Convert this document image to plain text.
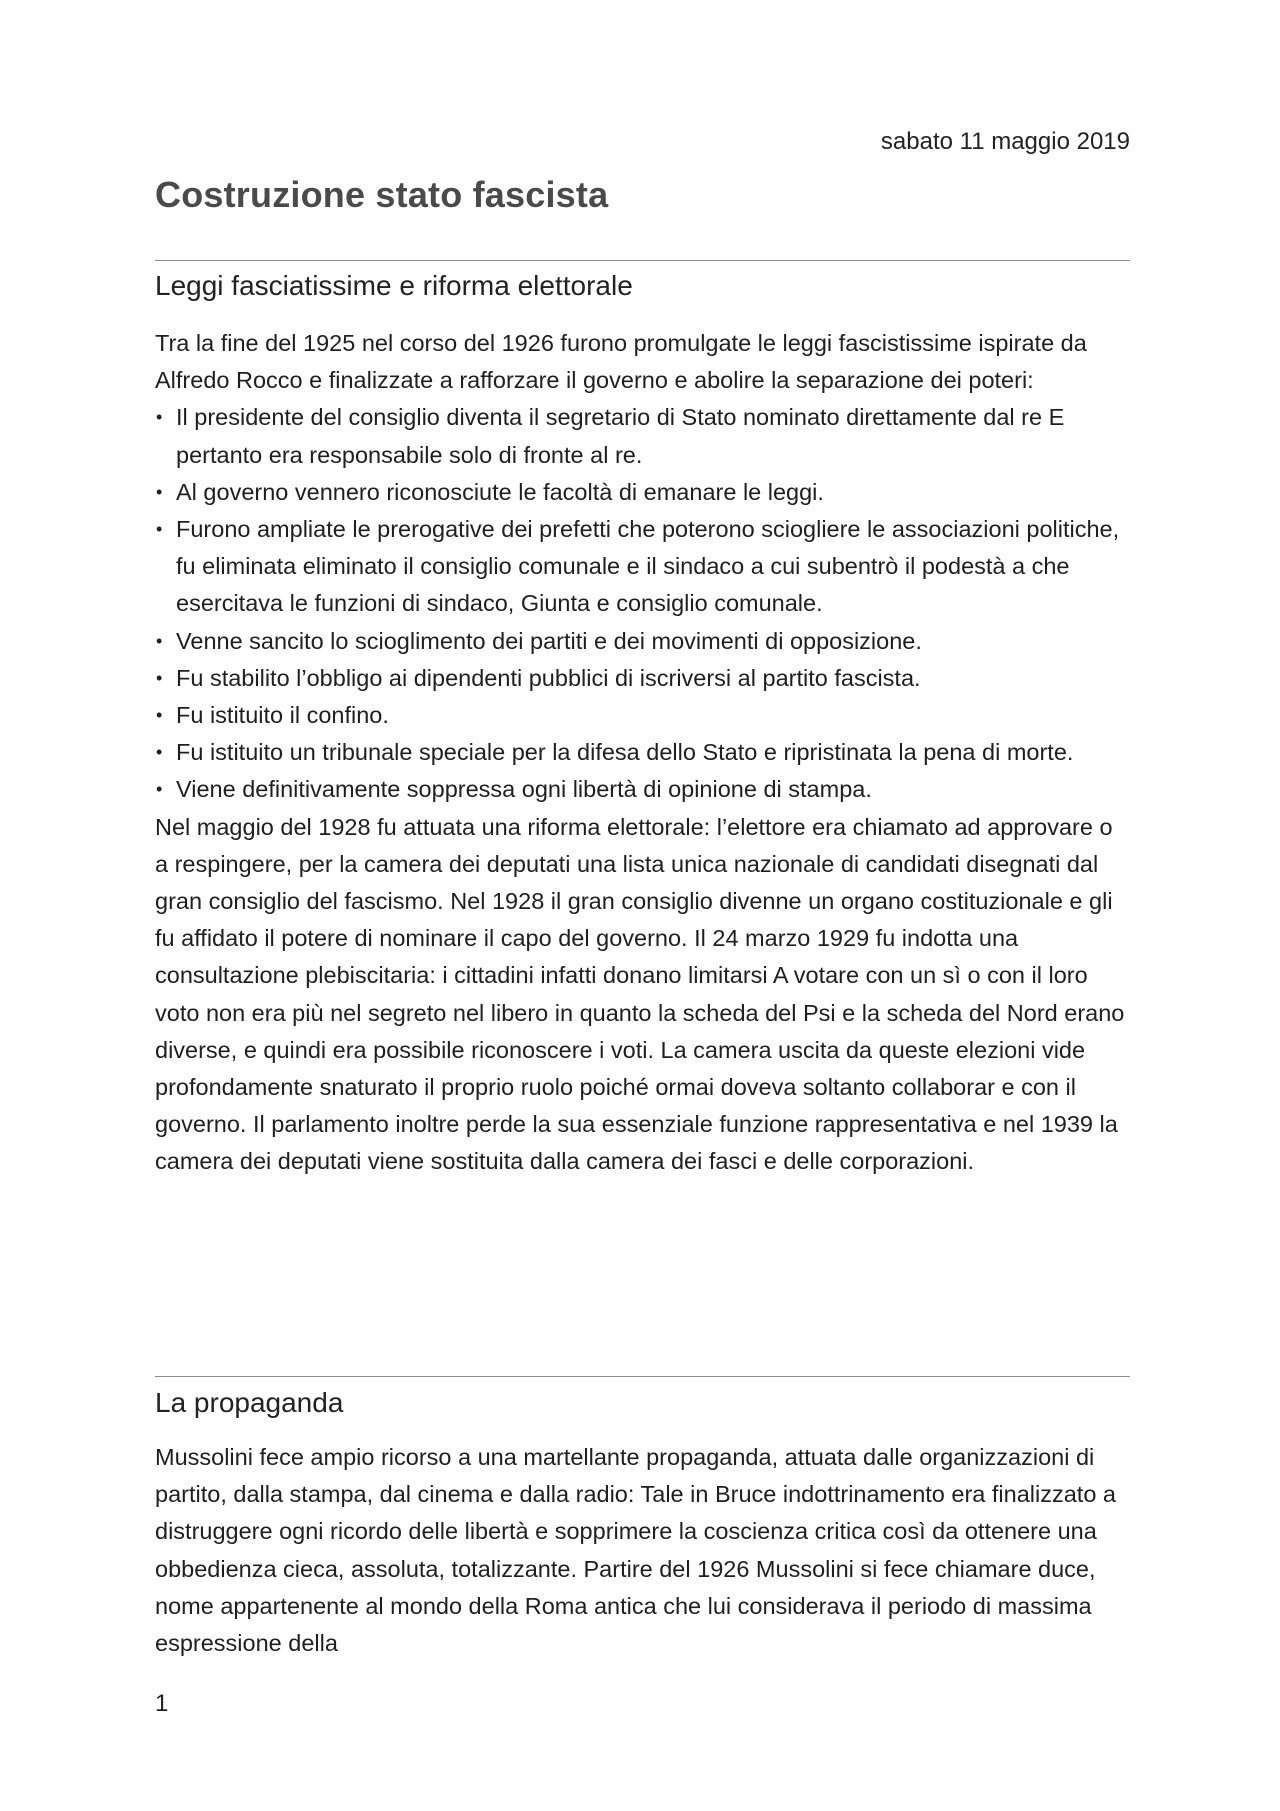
sabato 11 maggio 2019

Costruzione stato fascista
Leggi fasciatissime e riforma elettorale

Tra la fine del 1925 nel corso del 1926 furono promulgate le leggi fascistissime ispirate da Alfredo Rocco e finalizzate a rafforzare il governo e abolire la separazione dei poteri:

• Il presidente del consiglio diventa il segretario di Stato nominato direttamente dal re E pertanto era responsabile solo di fronte al re.
• Al governo vennero riconosciute le facoltà di emanare le leggi.
• Furono ampliate le prerogative dei prefetti che poterono sciogliere le associazioni politiche, fu eliminata eliminato il consiglio comunale e il sindaco a cui subentrò il podestà a che esercitava le funzioni di sindaco, Giunta e consiglio comunale.
• Venne sancito lo scioglimento dei partiti e dei movimenti di opposizione.
• Fu stabilito l’obbligo ai dipendenti pubblici di iscriversi al partito fascista.
• Fu istituito il confino.
• Fu istituito un tribunale speciale per la difesa dello Stato e ripristinata la pena di morte.
• Viene definitivamente soppressa ogni libertà di opinione di stampa.

Nel maggio del 1928 fu attuata una riforma elettorale: l’elettore era chiamato ad approvare o a respingere, per la camera dei deputati una lista unica nazionale di candidati disegnati dal gran consiglio del fascismo. Nel 1928 il gran consiglio divenne un organo costituzionale e gli fu affidato il potere di nominare il capo del governo. Il 24 marzo 1929 fu indotta una consultazione plebiscitaria: i cittadini infatti donano limitarsi A votare con un sì o con il loro voto non era più nel segreto nel libero in quanto la scheda del Psi e la scheda del Nord erano diverse, e quindi era possibile riconoscere i voti. La camera uscita da queste elezioni vide profondamente snaturato il proprio ruolo poiché ormai doveva soltanto collaborar e con il governo. Il parlamento inoltre perde la sua essenziale funzione rappresentativa e nel 1939 la camera dei deputati viene sostituita dalla camera dei fasci e delle corporazioni.

La propaganda

Mussolini fece ampio ricorso a una martellante propaganda, attuata dalle organizzazioni di partito, dalla stampa, dal cinema e dalla radio: Tale in Bruce indottrinamento era finalizzato a distruggere ogni ricordo delle libertà e sopprimere la coscienza critica così da ottenere una obbedienza cieca, assoluta, totalizzante. Partire del 1926 Mussolini si fece chiamare duce, nome appartenente al mondo della Roma antica che lui considerava il periodo di massima espressione della

1
